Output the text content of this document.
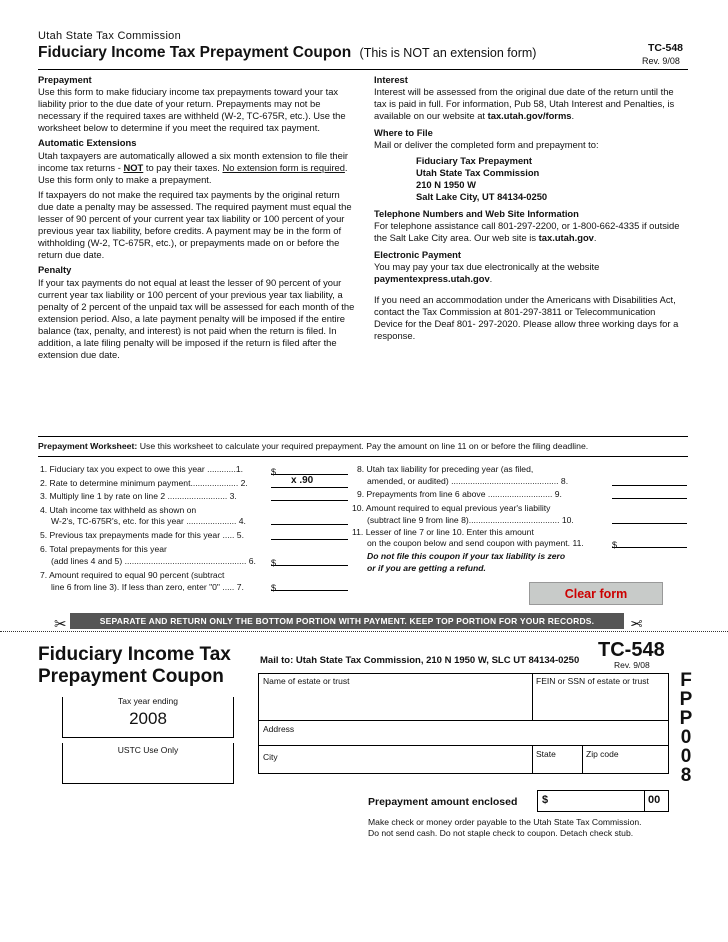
Utah State Tax Commission
Fiduciary Income Tax Prepayment Coupon (This is NOT an extension form)	TC-548
Rev. 9/08

Prepayment
Use this form to make fiduciary income tax prepayments toward your tax liability prior to the due date of your return. Prepayments may not be necessary if the required taxes are withheld (W-2, TC-675R, etc.). Use the worksheet below to determine if you meet the required tax payment.

Automatic Extensions
Utah taxpayers are automatically allowed a six month extension to file their income tax returns - NOT to pay their taxes. No extension form is required. Use this form only to make a prepayment.

If taxpayers do not make the required tax payments by the original return due date a penalty may be assessed. The required payment must equal the lesser of 90 percent of your current year tax liability or 100 percent of your previous year tax liability, before credits. A payment may be in the form of withholding (W-2, TC-675R, etc.), or prepayments made on or before the return due date.

Penalty
If your tax payments do not equal at least the lesser of 90 percent of your current year tax liability or 100 percent of your previous year tax liability, a penalty of 2 percent of the unpaid tax will be assessed for each month of the extension period. Also, a late payment penalty will be imposed if the entire balance (tax, penalty, and interest) is not paid when the return is filed. In addition, a late filing penalty will be imposed if the return is filed after the extension due date.

Interest
Interest will be assessed from the original due date of the return until the tax is paid in full. For information, Pub 58, Utah Interest and Penalties, is available on our website at tax.utah.gov/forms.

Where to File
Mail or deliver the completed form and prepayment to:

Fiduciary Tax Prepayment
Utah State Tax Commission
210 N 1950 W
Salt Lake City, UT 84134-0250

Telephone Numbers and Web Site Information
For telephone assistance call 801-297-2200, or 1-800-662-4335 if outside the Salt Lake City area. Our web site is tax.utah.gov.

Electronic Payment
You may pay your tax due electronically at the website
paymentexpress.utah.gov.

If you need an accommodation under the Americans with Disabilities Act, contact the Tax Commission at 801-297-3811 or Telecommunication Device for the Deaf 801- 297-2020. Please allow three working days for a response.

Prepayment Worksheet: Use this worksheet to calculate your required prepayment. Pay the amount on line 11 on or before the filing deadline.
1. Fiduciary tax you expect to owe this year ............1.	$
2. Rate to determine minimum payment.................... 2.	x .90
3. Multiply line 1 by rate on line 2 ......................... 3.
4. Utah income tax withheld as shown on
W-2's, TC-675R's, etc. for this year ..................... 4.
5. Previous tax prepayments made for this year ..... 5.
6. Total prepayments for this year
(add lines 4 and 5) ................................................... 6. $
7. Amount required to equal 90 percent (subtract
line 6 from line 3). If less than zero, enter "0" ..... 7.	$
8. Utah tax liability for preceding year (as filed,
amended, or audited) ............................................. 8.
9. Prepayments from line 6 above ........................... 9.
10. Amount required to equal previous year's liability
(subtract line 9 from line 8)...................................... 10.
11. Lesser of line 7 or line 10. Enter this amount
on the coupon below and send coupon with payment. 11.	$
Do not file this coupon if your tax liability is zero
or if you are getting a refund.
Clear form
SEPARATE AND RETURN ONLY THE BOTTOM PORTION WITH PAYMENT. KEEP TOP PORTION FOR YOUR RECORDS.
✂	✂
Fiduciary Income Tax
Prepayment Coupon
Mail to: Utah State Tax Commission, 210 N 1950 W, SLC UT 84134-0250 TC-548
Rev. 9/08
Tax year ending
2008
USTC Use Only
Name of estate or trust	FEIN or SSN of estate or trust
Address
City	State	Zip code
Prepayment amount enclosed $	00
Make check or money order payable to the Utah State Tax Commission.
Do not send cash. Do not staple check to coupon. Detach check stub.
F
P
P
0
0
8
